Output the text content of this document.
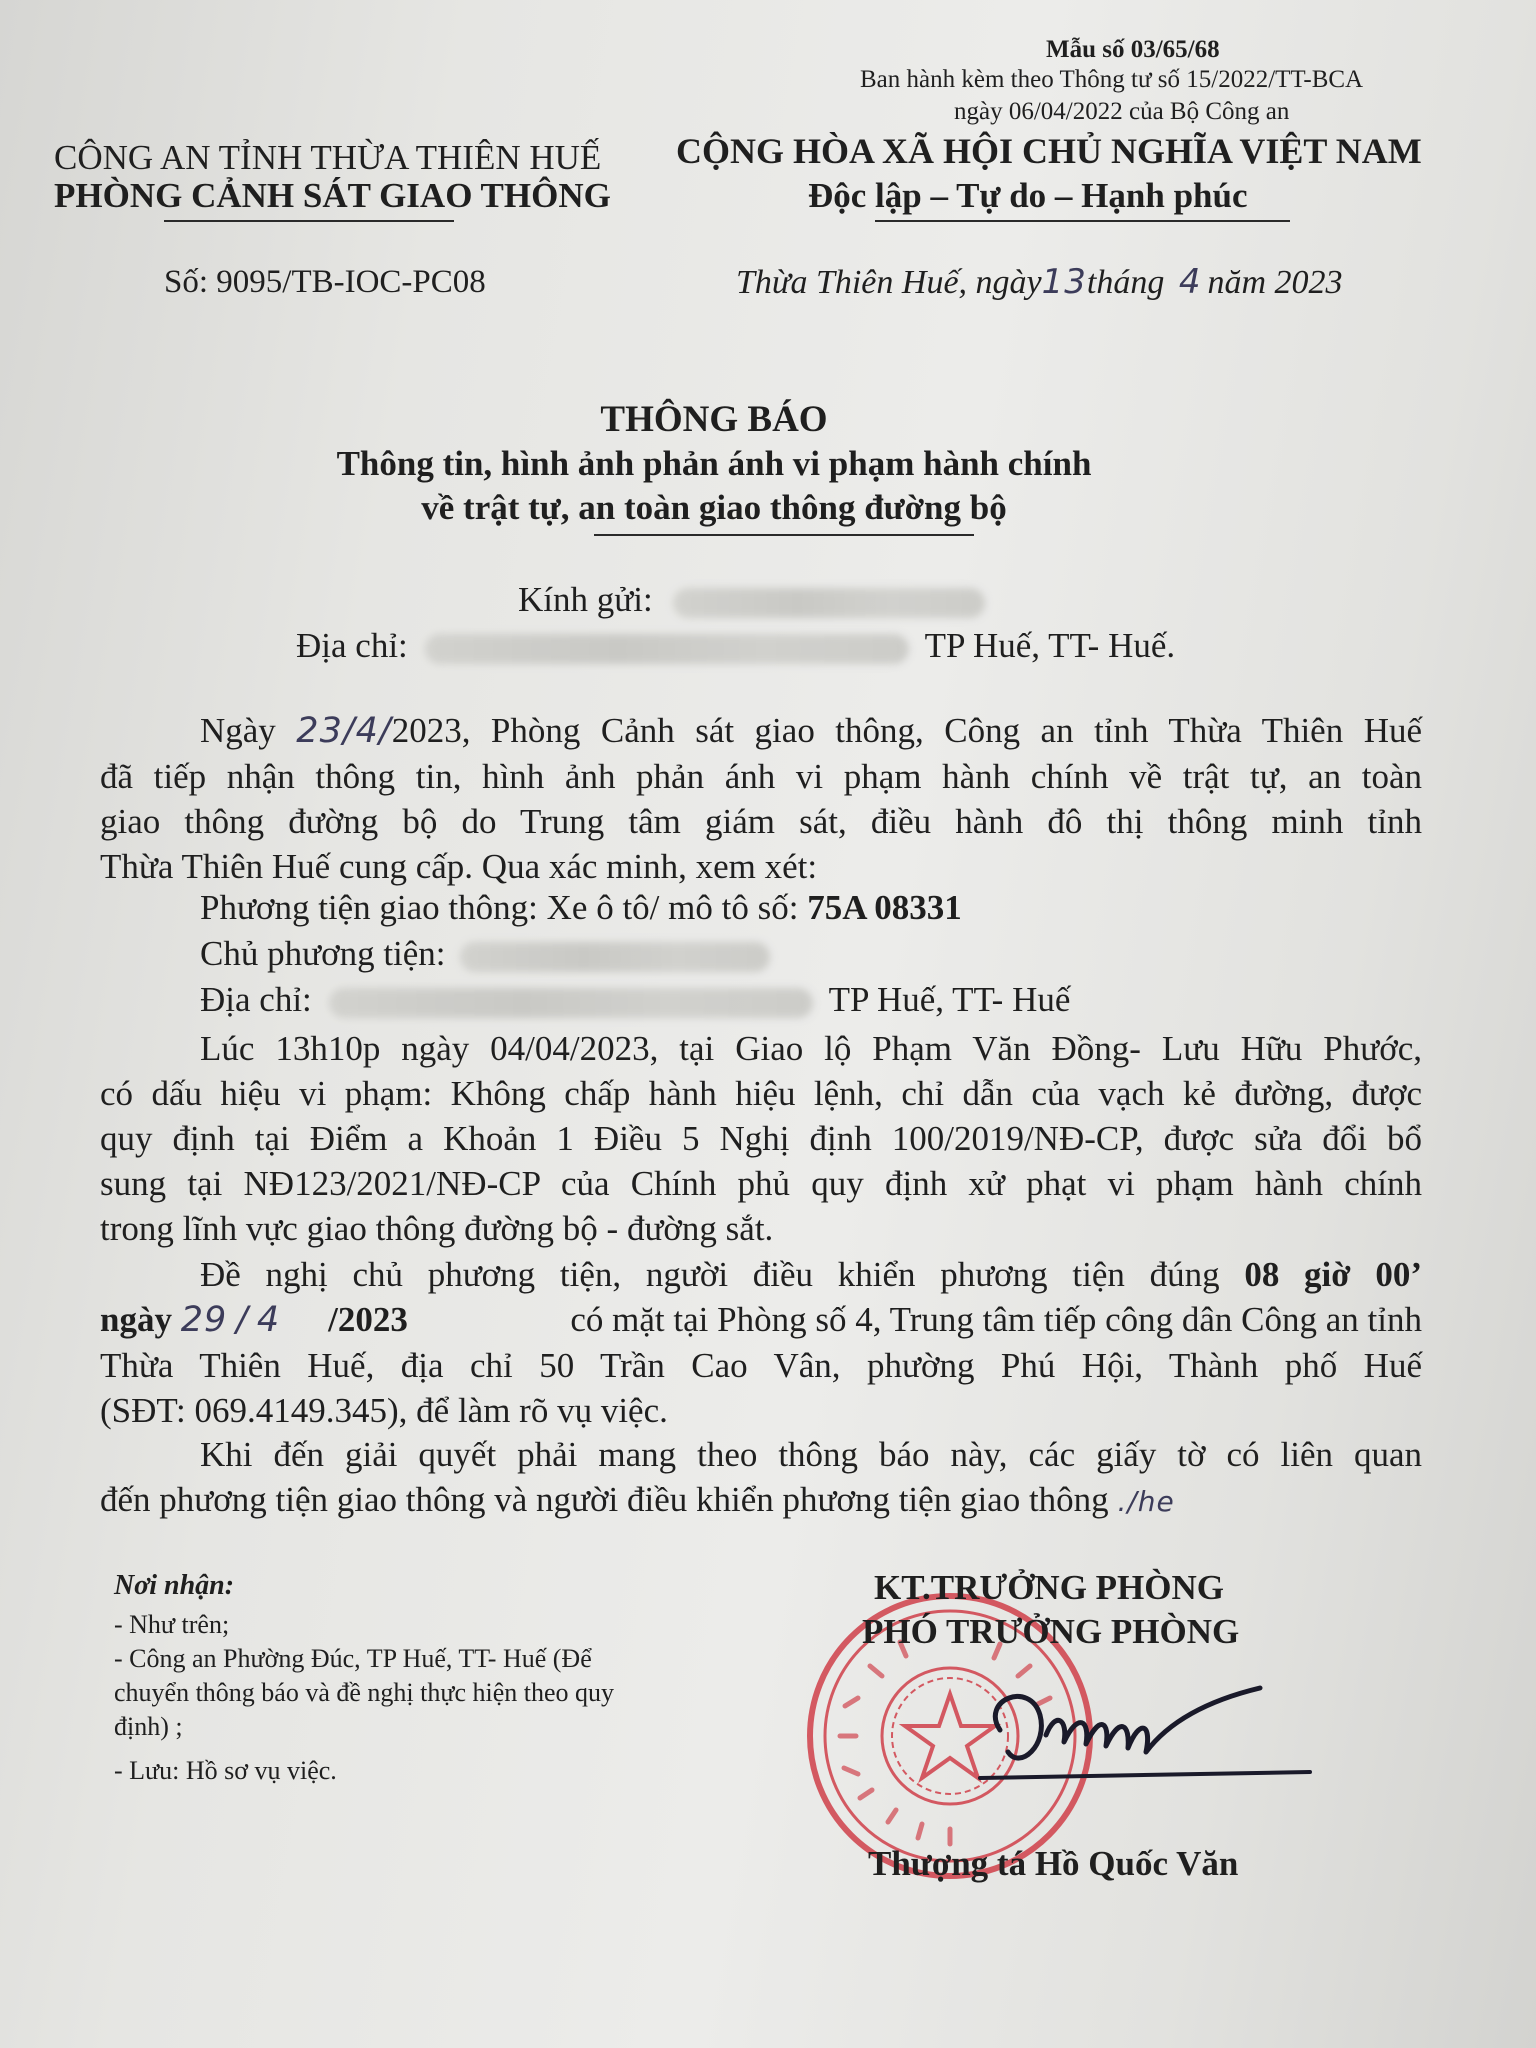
Mẫu số 03/65/68
Ban hành kèm theo Thông tư số 15/2022/TT-BCA
ngày 06/04/2022 của Bộ Công an
CÔNG AN TỈNH THỪA THIÊN HUẾ
PHÒNG CẢNH SÁT GIAO THÔNG
Số: 9095/TB-IOC-PC08
CỘNG HÒA XÃ HỘI CHỦ NGHĨA VIỆT NAM
Độc lập – Tự do – Hạnh phúc
Thừa Thiên Huế, ngày13tháng 4 năm 2023
THÔNG BÁO
Thông tin, hình ảnh phản ánh vi phạm hành chính
về trật tự, an toàn giao thông đường bộ
Kính gửi:
Địa chỉ:	TP Huế, TT- Huế.
Ngày 23/4/2023, Phòng Cảnh sát giao thông, Công an tỉnh Thừa Thiên Huế
đã tiếp nhận thông tin, hình ảnh phản ánh vi phạm hành chính về trật tự, an toàn
giao thông đường bộ do Trung tâm giám sát, điều hành đô thị thông minh tỉnh
Thừa Thiên Huế cung cấp. Qua xác minh, xem xét:
Phương tiện giao thông: Xe ô tô/ mô tô số: 75A 08331
Chủ phương tiện:
Địa chỉ:	TP Huế, TT- Huế
Lúc 13h10p ngày 04/04/2023, tại Giao lộ Phạm Văn Đồng- Lưu Hữu Phước,
có dấu hiệu vi phạm: Không chấp hành hiệu lệnh, chỉ dẫn của vạch kẻ đường, được
quy định tại Điểm a Khoản 1 Điều 5 Nghị định 100/2019/NĐ-CP, được sửa đổi bổ
sung tại NĐ123/2021/NĐ-CP của Chính phủ quy định xử phạt vi phạm hành chính
trong lĩnh vực giao thông đường bộ - đường sắt.
Đề nghị chủ phương tiện, người điều khiển phương tiện đúng 08 giờ 00’
ngày 29 / 4 /2023	có mặt tại Phòng số 4, Trung tâm tiếp công dân Công an tỉnh
Thừa Thiên Huế, địa chỉ 50 Trần Cao Vân, phường Phú Hội, Thành phố Huế
(SĐT: 069.4149.345), để làm rõ vụ việc.
Khi đến giải quyết phải mang theo thông báo này, các giấy tờ có liên quan
đến phương tiện giao thông và người điều khiển phương tiện giao thông ./he
Nơi nhận:
- Như trên;
- Công an Phường Đúc, TP Huế, TT- Huế (Để
chuyển thông báo và đề nghị thực hiện theo quy
định) ;
- Lưu: Hồ sơ vụ việc.
KT.TRƯỞNG PHÒNG
PHÓ TRƯỞNG PHÒNG
Thượng tá Hồ Quốc Văn
